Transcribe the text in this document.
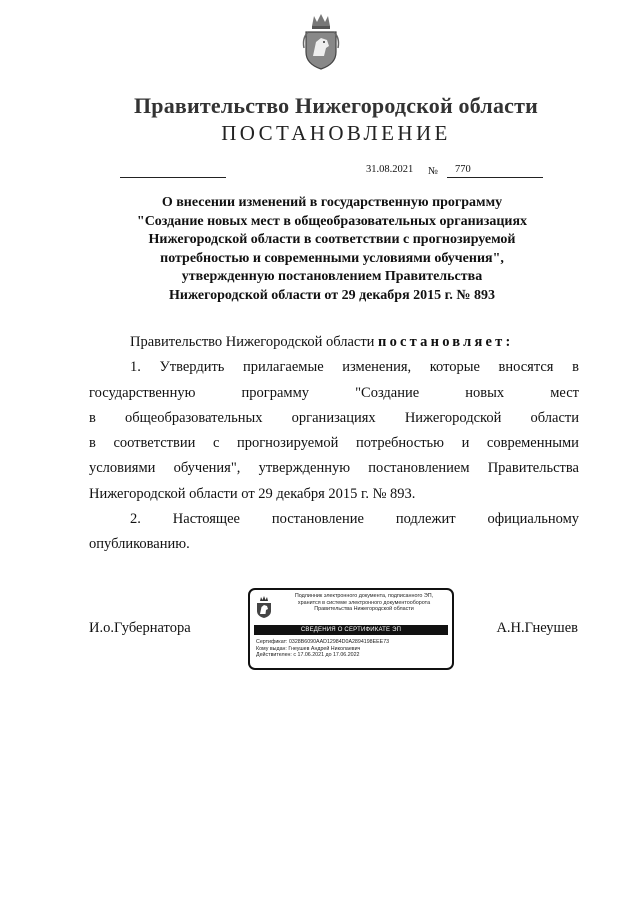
Правительство Нижегородской области
ПОСТАНОВЛЕНИЕ
31.08.2021 № 770
О внесении изменений в государственную программу
"Создание новых мест в общеобразовательных организациях
Нижегородской области в соответствии с прогнозируемой
потребностью и современными условиями обучения",
утвержденную постановлением Правительства
Нижегородской области от 29 декабря 2015 г. № 893

Правительство Нижегородской области постановляет:

1. Утвердить прилагаемые изменения, которые вносятся в
государственную	программу	"Создание	новых	мест
в общеобразовательных организациях Нижегородской области
в соответствии с прогнозируемой потребностью и современными
условиями обучения", утвержденную постановлением Правительства
Нижегородской области от 29 декабря 2015 г. № 893.
2. Настоящее постановление подлежит официальному
опубликованию.
И.о.Губернатора	А.Н.Гнеушев
Подлинник электронного документа, подписанного ЭП,
хранится в системе электронного документооборота
Правительства Нижегородской области
СВЕДЕНИЯ О СЕРТИФИКАТЕ ЭП
Сертификат: 0328B6090AAD12984D0A2894198EEE73
Кому выдан: Гнеушев Андрей Николаевич
Действителен: с 17.06.2021 до 17.06.2022
